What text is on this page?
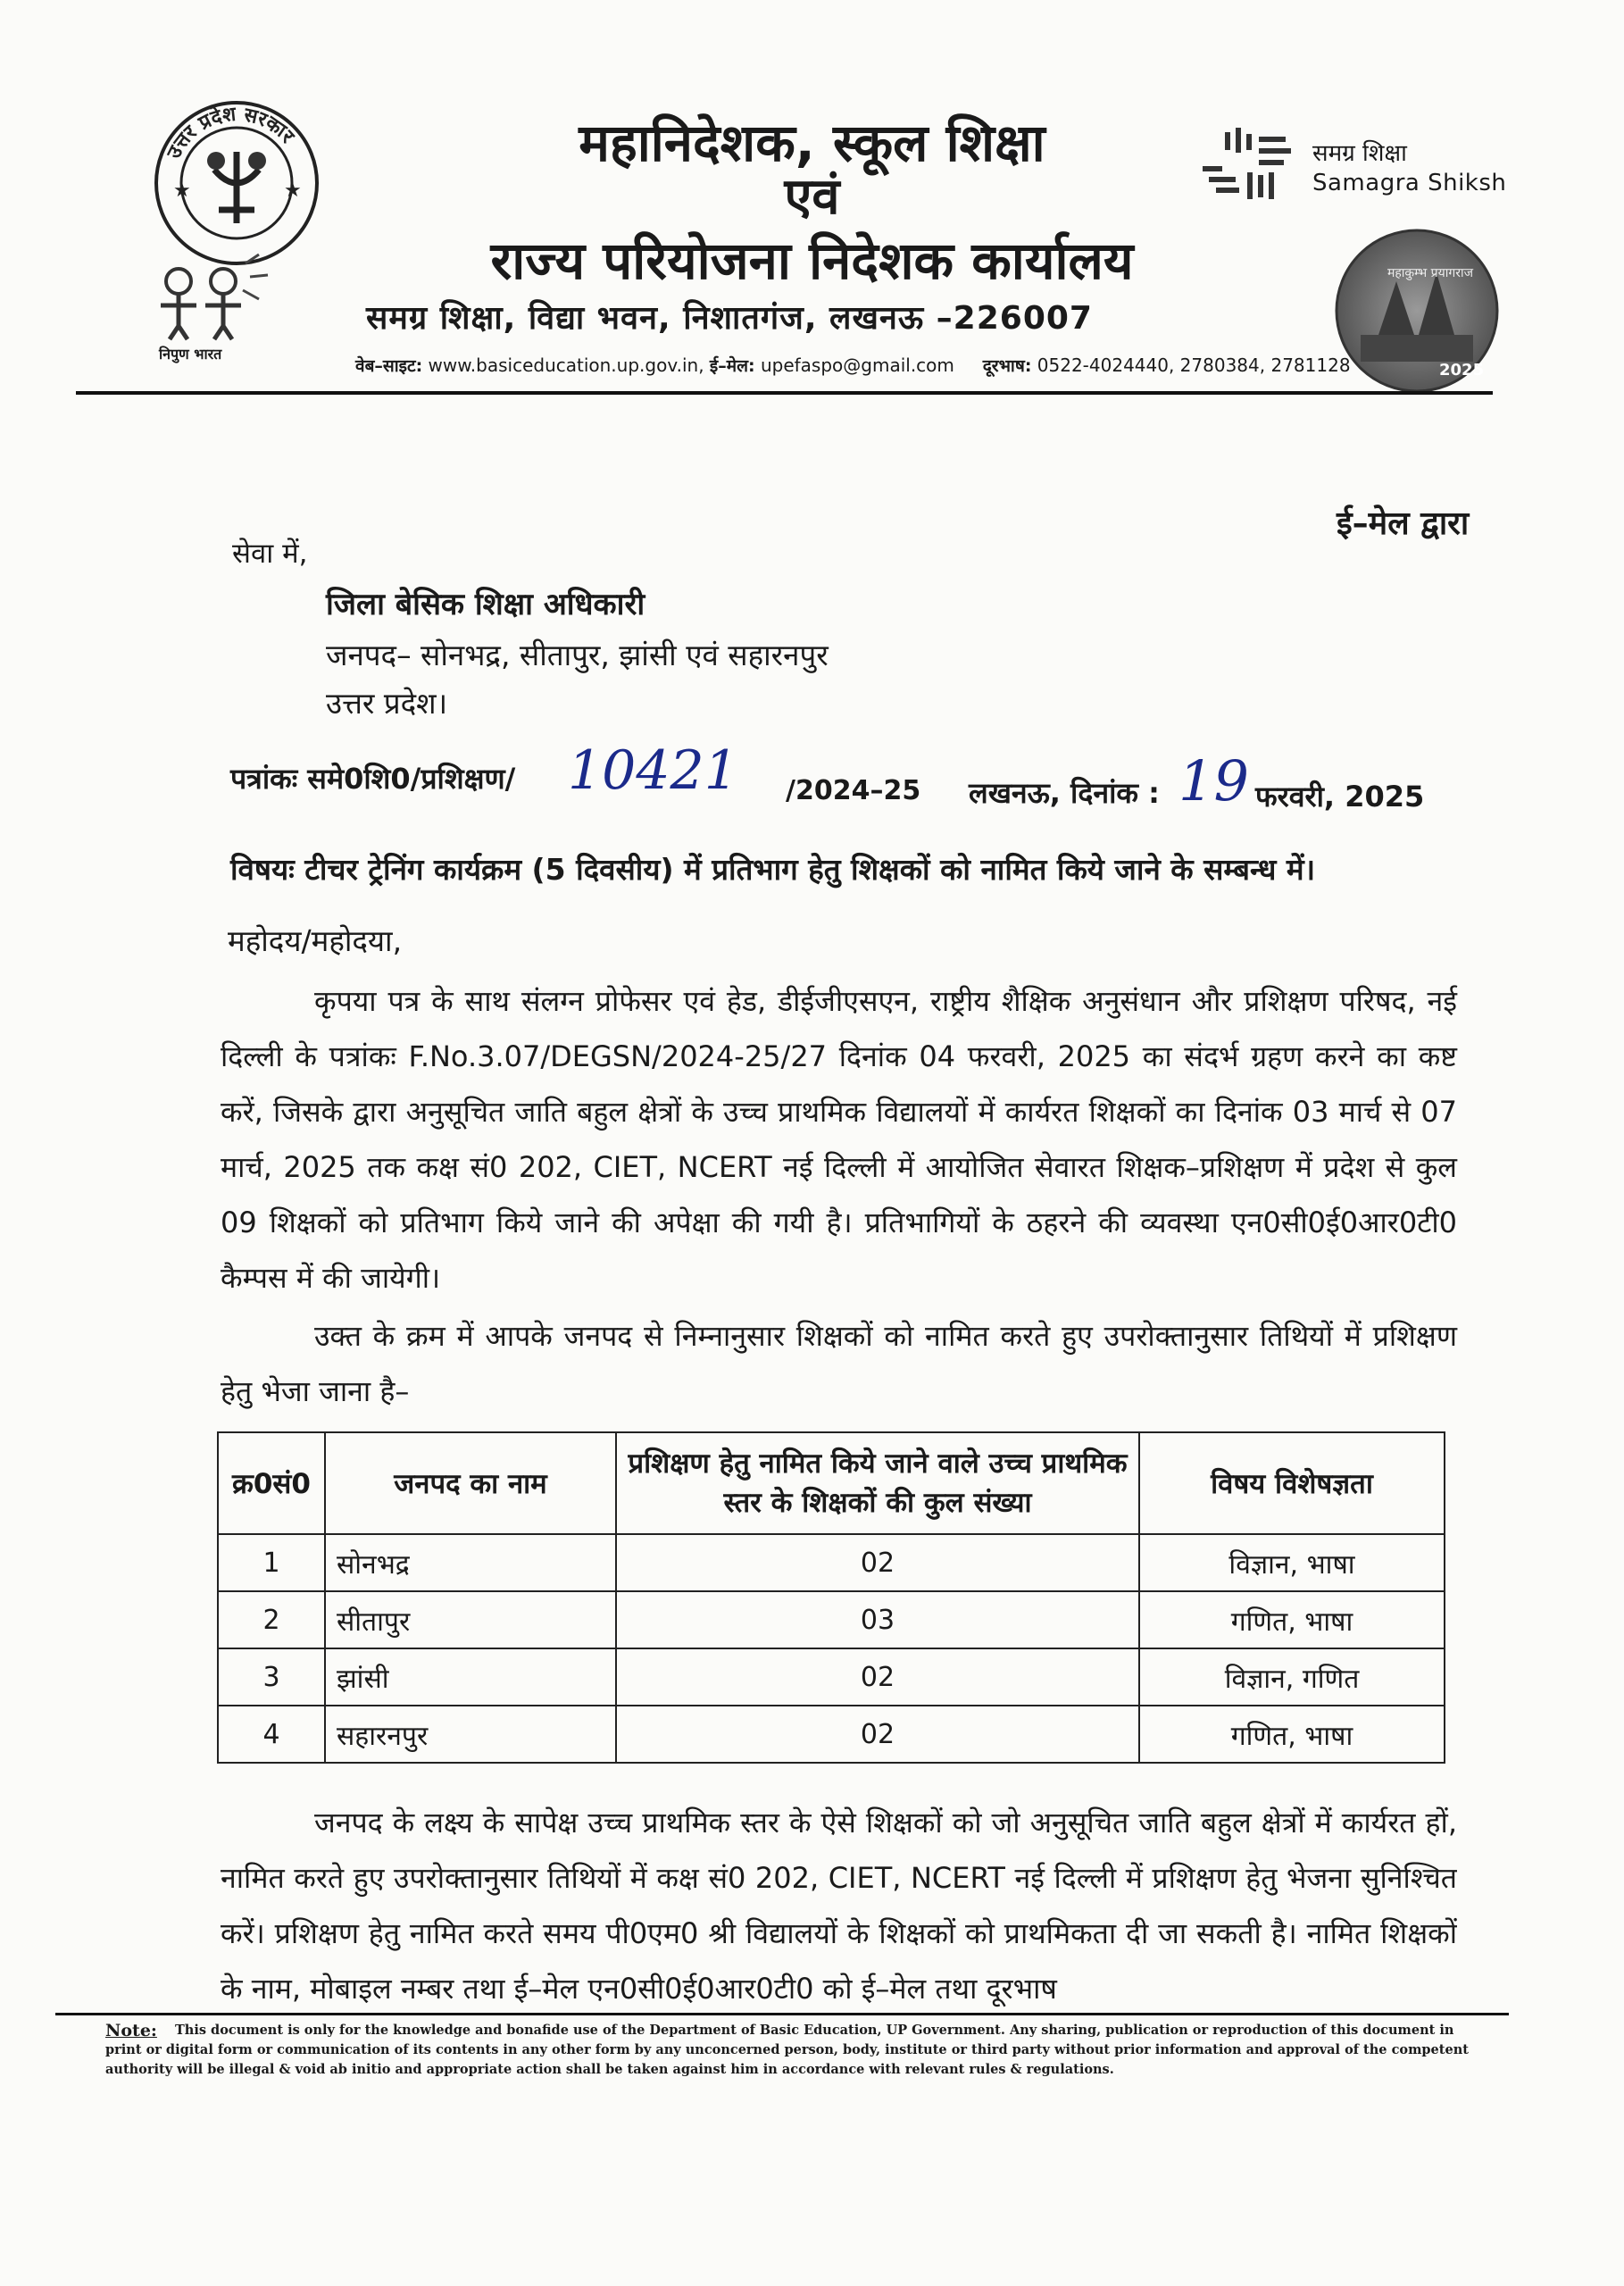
★	★
उत्तर प्रदेश सरकार
निपुण भारत
महानिदेशक, स्कूल शिक्षा
एवं
राज्य परियोजना निदेशक कार्यालय
समग्र शिक्षा, विद्या भवन, निशातगंज, लखनऊ –226007
वेब–साइट: www.basiceducation.up.gov.in, ई–मेल: upefaspo@gmail.com दूरभाष: 0522-4024440, 2780384, 2781128
समग्र शिक्षा
Samagra Shiksh
महाकुम्भ प्रयागराज
2025
ई–मेल द्वारा
सेवा में,
जिला बेसिक शिक्षा अधिकारी
जनपद– सोनभद्र, सीतापुर, झांसी एवं सहारनपुर
उत्तर प्रदेश।
पत्रांकः समे0शि0/प्रशिक्षण/ 10421 /2024–25 लखनऊ, दिनांक : 19 फरवरी, 2025
विषयः टीचर ट्रेनिंग कार्यक्रम (5 दिवसीय) में प्रतिभाग हेतु शिक्षकों को नामित किये जाने के सम्बन्ध में।
महोदय/महोदया,
कृपया पत्र के साथ संलग्न प्रोफेसर एवं हेड, डीईजीएसएन, राष्ट्रीय शैक्षिक अनुसंधान और प्रशिक्षण परिषद, नई दिल्ली के पत्रांकः F.No.3.07/DEGSN/2024-25/27 दिनांक 04 फरवरी, 2025 का संदर्भ ग्रहण करने का कष्ट करें, जिसके द्वारा अनुसूचित जाति बहुल क्षेत्रों के उच्च प्राथमिक विद्यालयों में कार्यरत शिक्षकों का दिनांक 03 मार्च से 07 मार्च, 2025 तक कक्ष सं0 202, CIET, NCERT नई दिल्ली में आयोजित सेवारत शिक्षक–प्रशिक्षण में प्रदेश से कुल 09 शिक्षकों को प्रतिभाग किये जाने की अपेक्षा की गयी है। प्रतिभागियों के ठहरने की व्यवस्था एन0सी0ई0आर0टी0 कैम्पस में की जायेगी।
उक्त के क्रम में आपके जनपद से निम्नानुसार शिक्षकों को नामित करते हुए उपरोक्तानुसार तिथियों में प्रशिक्षण हेतु भेजा जाना है–
क्र0सं0	जनपद का नाम	प्रशिक्षण हेतु नामित किये जाने वाले उच्च प्राथमिक स्तर के शिक्षकों की कुल संख्या	विषय विशेषज्ञता
1	सोनभद्र	02	विज्ञान, भाषा
2	सीतापुर	03	गणित, भाषा
3	झांसी	02	विज्ञान, गणित
4	सहारनपुर	02	गणित, भाषा
जनपद के लक्ष्य के सापेक्ष उच्च प्राथमिक स्तर के ऐसे शिक्षकों को जो अनुसूचित जाति बहुल क्षेत्रों में कार्यरत हों, नामित करते हुए उपरोक्तानुसार तिथियों में कक्ष सं0 202, CIET, NCERT नई दिल्ली में प्रशिक्षण हेतु भेजना सुनिश्चित करें। प्रशिक्षण हेतु नामित करते समय पी0एम0 श्री विद्यालयों के शिक्षकों को प्राथमिकता दी जा सकती है। नामित शिक्षकों के नाम, मोबाइल नम्बर तथा ई–मेल एन0सी0ई0आर0टी0 को ई–मेल तथा दूरभाष
Note:	This document is only for the knowledge and bonafide use of the Department of Basic Education, UP Government. Any sharing, publication or reproduction of this document in print or digital form or communication of its contents in any other form by any unconcerned person, body, institute or third party without prior information and approval of the competent authority will be illegal & void ab initio and appropriate action shall be taken against him in accordance with relevant rules & regulations.
